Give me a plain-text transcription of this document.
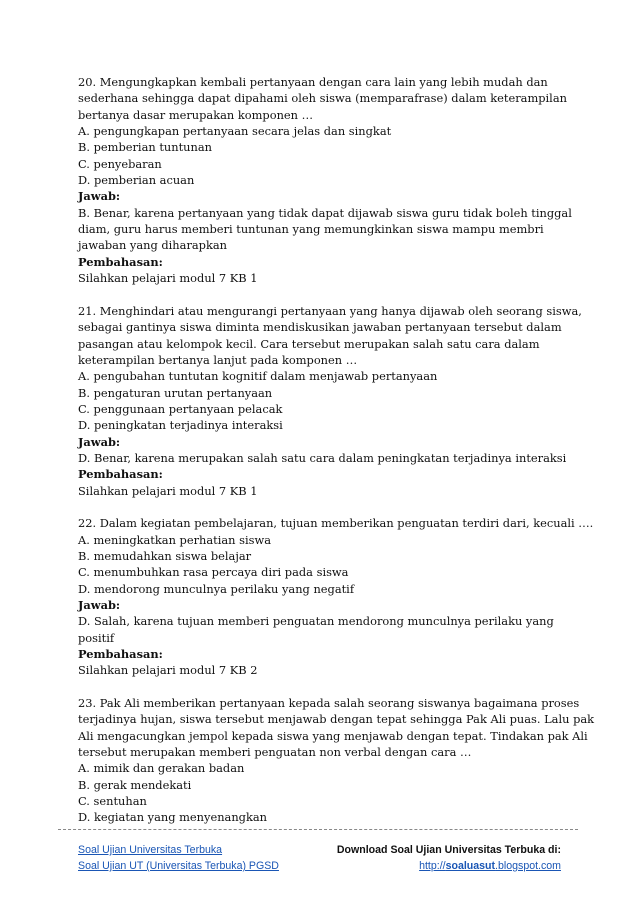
20. Mengungkapkan kembali pertanyaan dengan cara lain yang lebih mudah dan
sederhana sehingga dapat dipahami oleh siswa (memparafrase) dalam keterampilan
bertanya dasar merupakan komponen …
A. pengungkapan pertanyaan secara jelas dan singkat
B. pemberian tuntunan
C. penyebaran
D. pemberian acuan
Jawab:
B. Benar, karena pertanyaan yang tidak dapat dijawab siswa guru tidak boleh tinggal
diam, guru harus memberi tuntunan yang memungkinkan siswa mampu membri
jawaban yang diharapkan
Pembahasan:
Silahkan pelajari modul 7 KB 1
21. Menghindari atau mengurangi pertanyaan yang hanya dijawab oleh seorang siswa,
sebagai gantinya siswa diminta mendiskusikan jawaban pertanyaan tersebut dalam
pasangan atau kelompok kecil. Cara tersebut merupakan salah satu cara dalam
keterampilan bertanya lanjut pada komponen …
A. pengubahan tuntutan kognitif dalam menjawab pertanyaan
B. pengaturan urutan pertanyaan
C. penggunaan pertanyaan pelacak
D. peningkatan terjadinya interaksi
Jawab:
D. Benar, karena merupakan salah satu cara dalam peningkatan terjadinya interaksi
Pembahasan:
Silahkan pelajari modul 7 KB 1
22. Dalam kegiatan pembelajaran, tujuan memberikan penguatan terdiri dari, kecuali ….
A. meningkatkan perhatian siswa
B. memudahkan siswa belajar
C. menumbuhkan rasa percaya diri pada siswa
D. mendorong munculnya perilaku yang negatif
Jawab:
D. Salah, karena tujuan memberi penguatan mendorong munculnya perilaku yang
positif
Pembahasan:
Silahkan pelajari modul 7 KB 2
23. Pak Ali memberikan pertanyaan kepada salah seorang siswanya bagaimana proses
terjadinya hujan, siswa tersebut menjawab dengan tepat sehingga Pak Ali puas. Lalu pak
Ali mengacungkan jempol kepada siswa yang menjawab dengan tepat. Tindakan pak Ali
tersebut merupakan memberi penguatan non verbal dengan cara …
A. mimik dan gerakan badan
B. gerak mendekati
C. sentuhan
D. kegiatan yang menyenangkan
Soal Ujian Universitas Terbuka
Soal Ujian UT (Universitas Terbuka) PGSD
Download Soal Ujian Universitas Terbuka di:
http://soaluasut.blogspot.com
